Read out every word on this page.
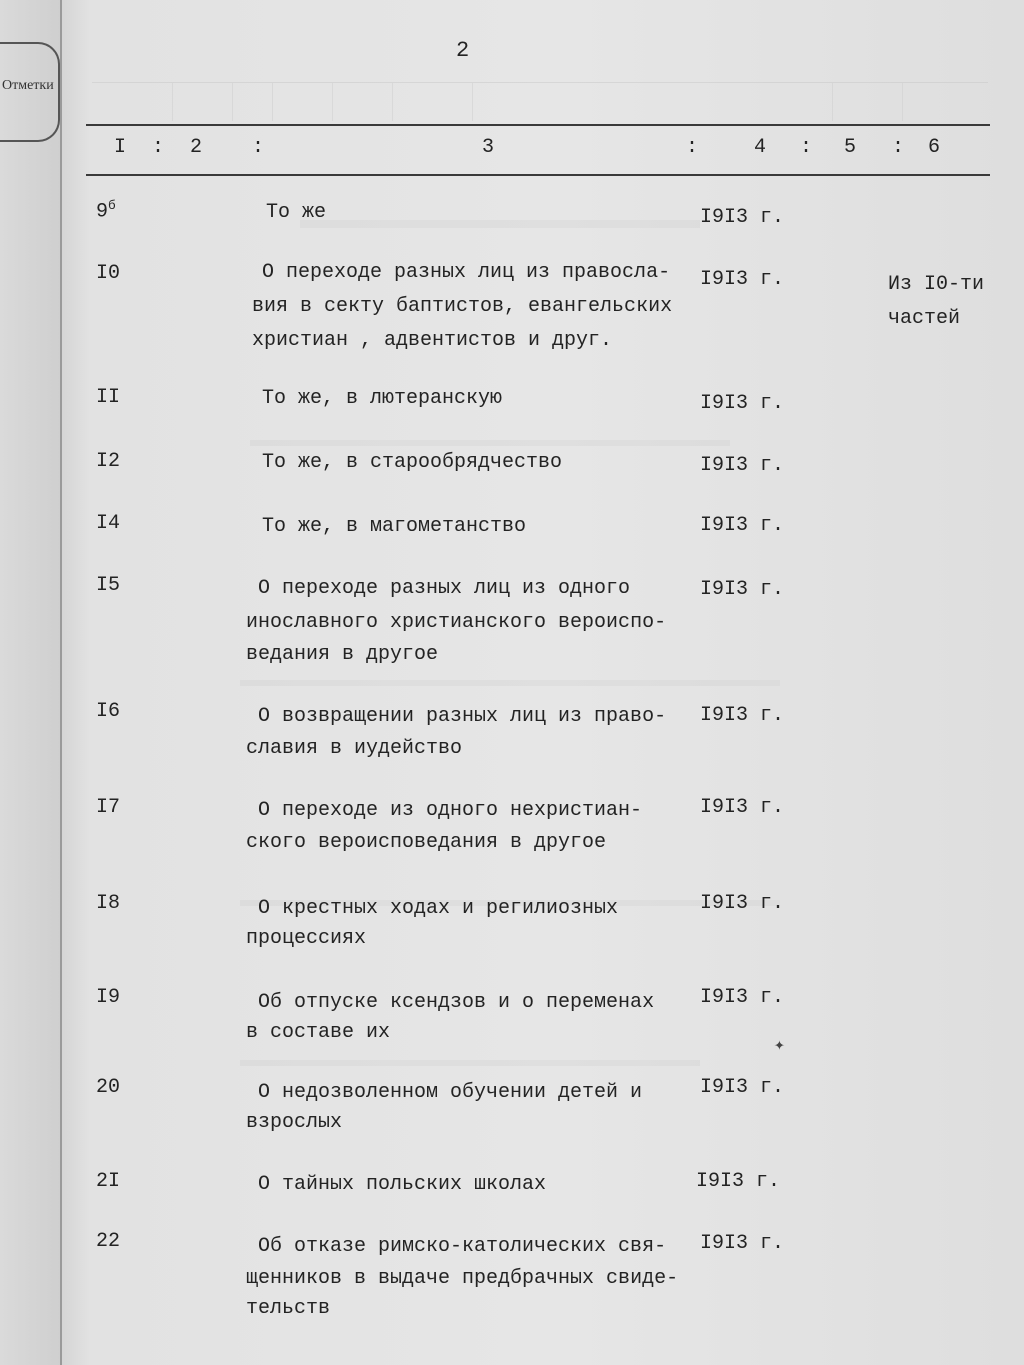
Отметки
2
I : 2 :	3	:	4 : 5 : 6
$9^б$	То же	I9I3 г.
I0	О переходе разных лиц из правосла-
вия в секту баптистов, евангельских
христиан , адвентистов и друг.
I9I3 г.	Из I0-ти
частей
II	То же, в лютеранскую	I9I3 г.
I2	То же, в старообрядчество	I9I3 г.
I4	То же, в магометанство	I9I3 г.
I5	О переходе разных лиц из одного
инославного христианского вероиспо-
ведания в другое
I9I3 г.
I6	О возвращении разных лиц из право-
славия в иудейство
I9I3 г.
I7	О переходе из одного нехристиан-
ского вероисповедания в другое
I9I3 г.
I8	О крестных ходах и регилиозных
процессиях
I9I3 г.
I9	Об отпуске ксендзов и о переменах
в составе их
I9I3 г.
✦
20	О недозволенном обучении детей и
взрослых
I9I3 г.
2I	О тайных польских школах	I9I3 г.
22	Об отказе римско-католических свя-
щенников в выдаче предбрачных свиде-
тельств
I9I3 г.
